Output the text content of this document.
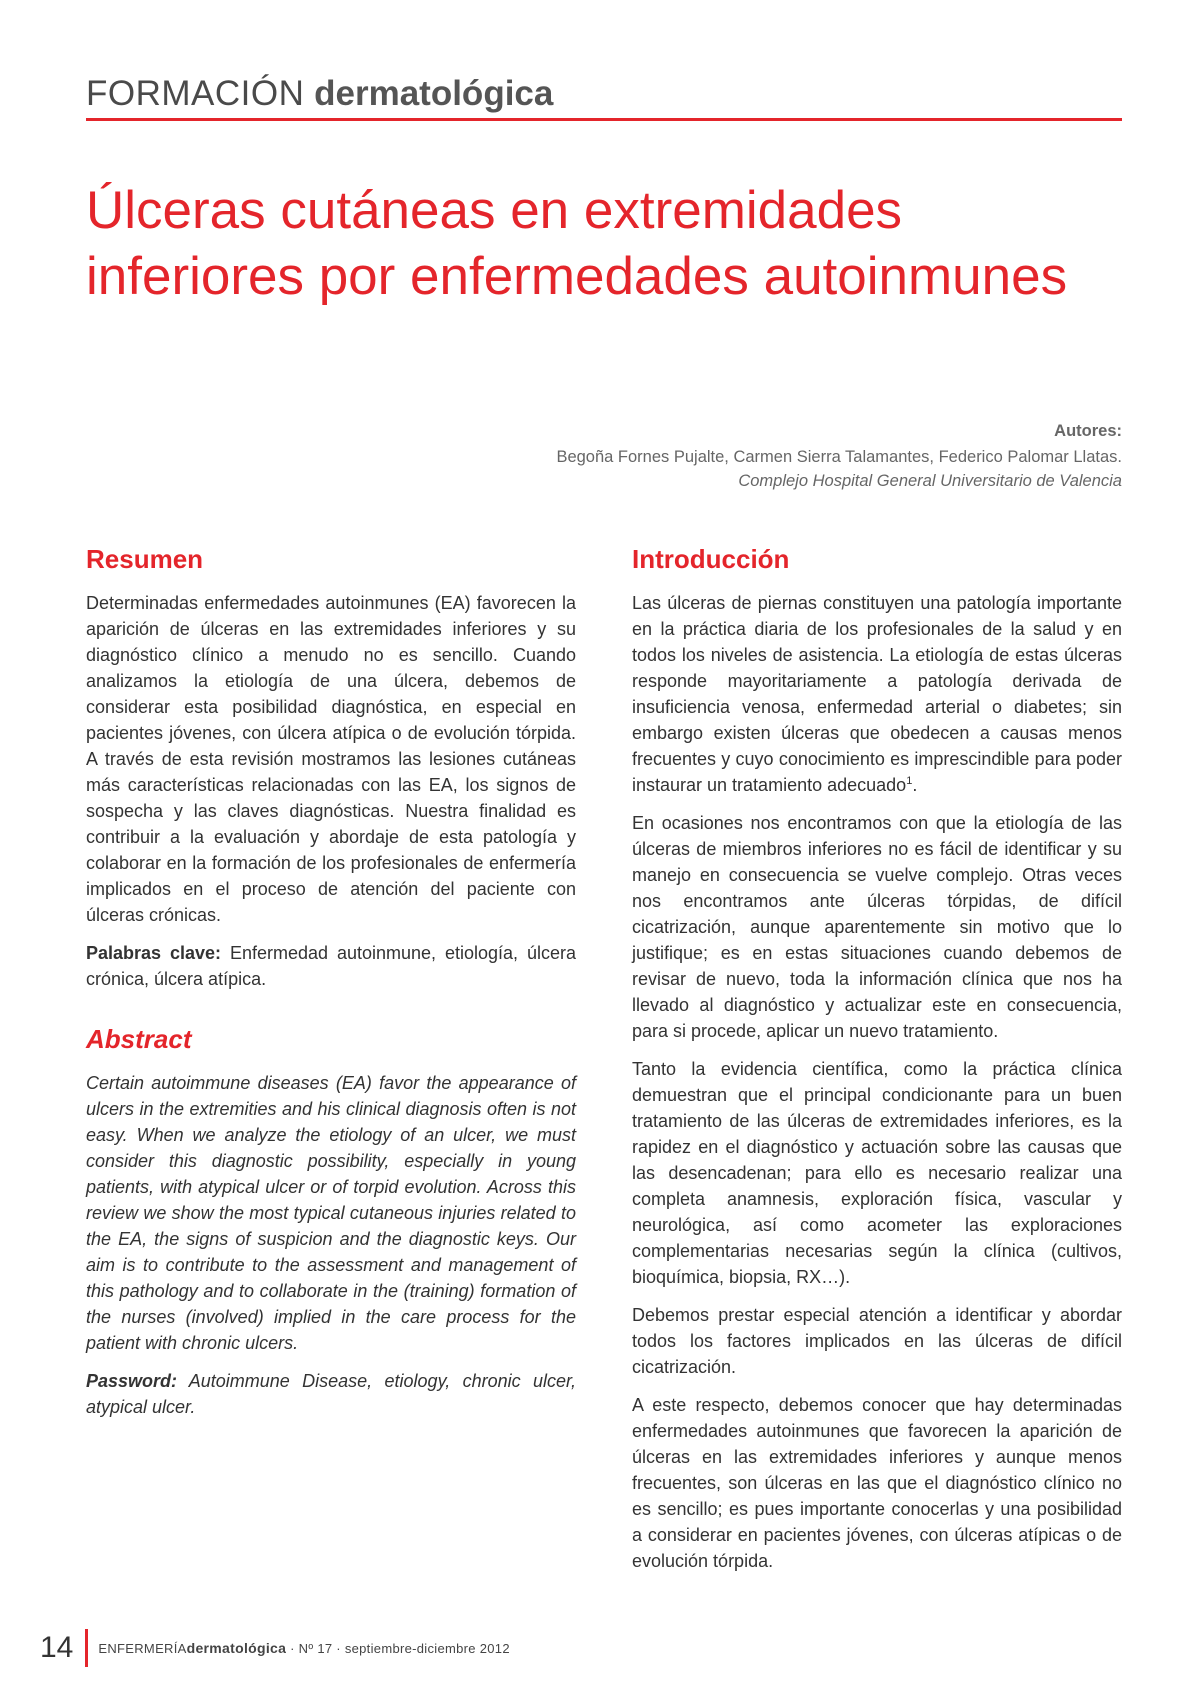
FORMACIÓN dermatológica
Úlceras cutáneas en extremidades inferiores por enfermedades autoinmunes
Autores:
Begoña Fornes Pujalte, Carmen Sierra Talamantes, Federico Palomar Llatas.
Complejo Hospital General Universitario de Valencia
Resumen

Determinadas enfermedades autoinmunes (EA) favorecen la aparición de úlceras en las extremidades inferiores y su diagnóstico clínico a menudo no es sencillo. Cuando analizamos la etiología de una úlcera, debemos de considerar esta posibilidad diagnóstica, en especial en pacientes jóvenes, con úlcera atípica o de evolución tórpida. A través de esta revisión mostramos las lesiones cutáneas más características relacionadas con las EA, los signos de sospecha y las claves diagnósticas. Nuestra finalidad es contribuir a la evaluación y abordaje de esta patología y colaborar en la formación de los profesionales de enfermería implicados en el proceso de atención del paciente con úlceras crónicas.

Palabras clave: Enfermedad autoinmune, etiología, úlcera crónica, úlcera atípica.

Abstract

Certain autoimmune diseases (EA) favor the appearance of ulcers in the extremities and his clinical diagnosis often is not easy. When we analyze the etiology of an ulcer, we must consider this diagnostic possibility, especially in young patients, with atypical ulcer or of torpid evolution. Across this review we show the most typical cutaneous injuries related to the EA, the signs of suspicion and the diagnostic keys. Our aim is to contribute to the assessment and management of this pathology and to collaborate in the (training) formation of the nurses (involved) implied in the care process for the patient with chronic ulcers.

Password: Autoimmune Disease, etiology, chronic ulcer, atypical ulcer.

Introducción

Las úlceras de piernas constituyen una patología importante en la práctica diaria de los profesionales de la salud y en todos los niveles de asistencia. La etiología de estas úlceras responde mayoritariamente a patología derivada de insuficiencia venosa, enfermedad arterial o diabetes; sin embargo existen úlceras que obedecen a causas menos frecuentes y cuyo conocimiento es imprescindible para poder instaurar un tratamiento adecuado$^1$.

En ocasiones nos encontramos con que la etiología de las úlceras de miembros inferiores no es fácil de identificar y su manejo en consecuencia se vuelve complejo. Otras veces nos encontramos ante úlceras tórpidas, de difícil cicatrización, aunque aparentemente sin motivo que lo justifique; es en estas situaciones cuando debemos de revisar de nuevo, toda la información clínica que nos ha llevado al diagnóstico y actualizar este en consecuencia, para si procede, aplicar un nuevo tratamiento.

Tanto la evidencia científica, como la práctica clínica demuestran que el principal condicionante para un buen tratamiento de las úlceras de extremidades inferiores, es la rapidez en el diagnóstico y actuación sobre las causas que las desencadenan; para ello es necesario realizar una completa anamnesis, exploración física, vascular y neurológica, así como acometer las exploraciones complementarias necesarias según la clínica (cultivos, bioquímica, biopsia, RX…).

Debemos prestar especial atención a identificar y abordar todos los factores implicados en las úlceras de difícil cicatrización.

A este respecto, debemos conocer que hay determinadas enfermedades autoinmunes que favorecen la aparición de úlceras en las extremidades inferiores y aunque menos frecuentes, son úlceras en las que el diagnóstico clínico no es sencillo; es pues importante conocerlas y una posibilidad a considerar en pacientes jóvenes, con úlceras atípicas o de evolución tórpida.

14 ENFERMERÍAdermatológica · Nº 17 · septiembre-diciembre 2012
